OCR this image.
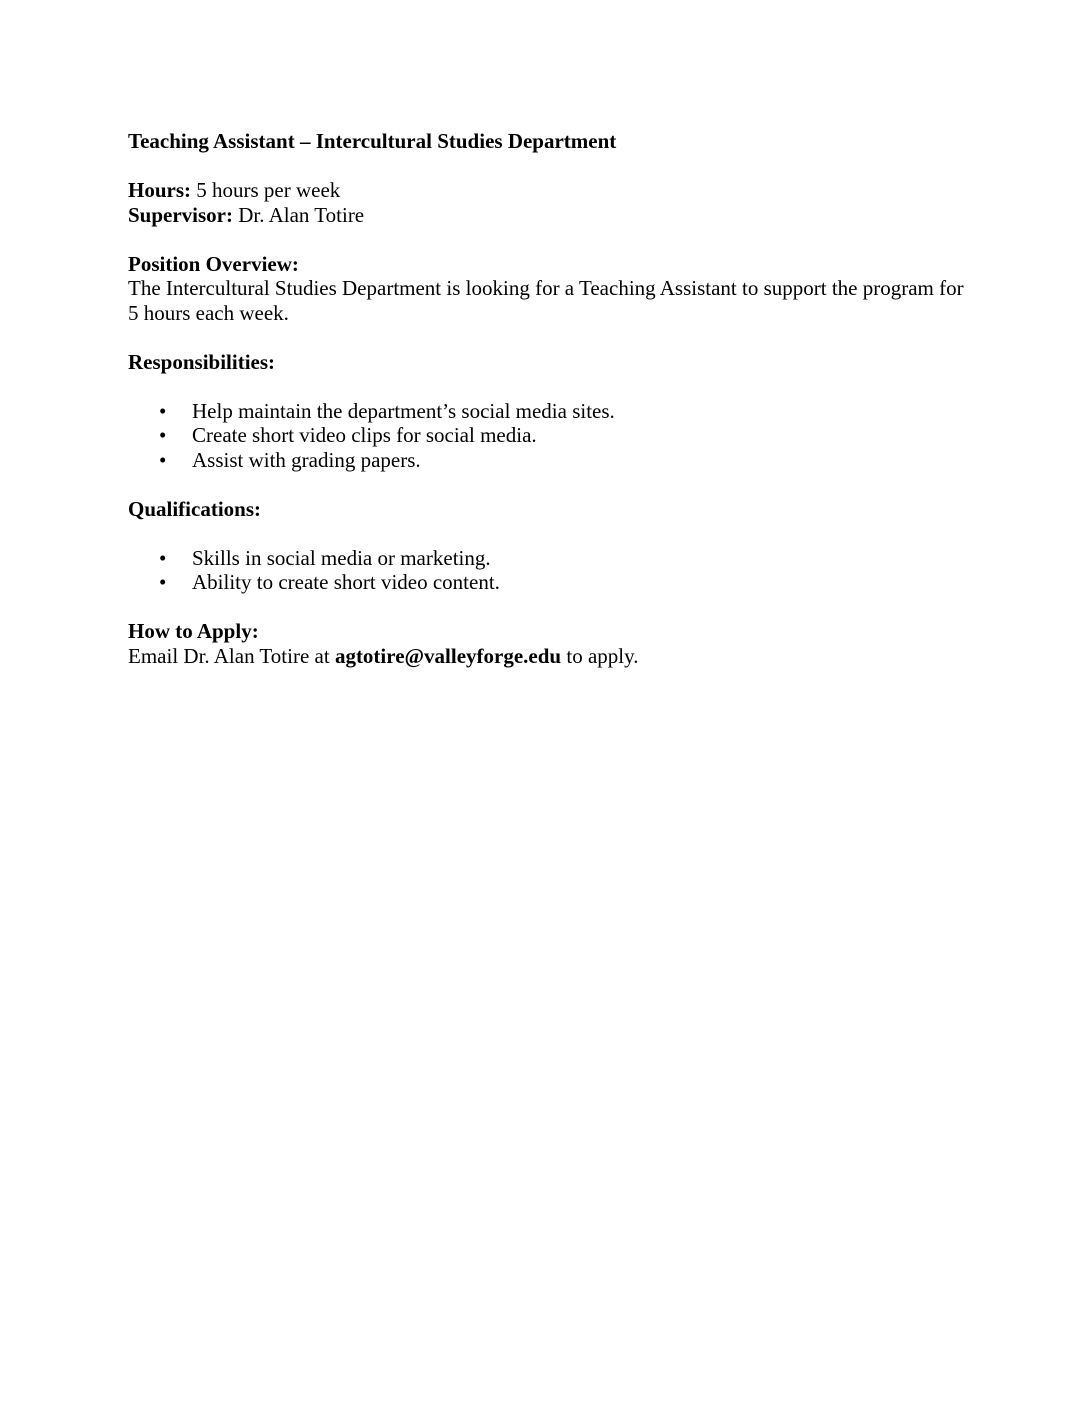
Teaching Assistant – Intercultural Studies Department

Hours: 5 hours per week

Supervisor: Dr. Alan Totire

Position Overview:

The Intercultural Studies Department is looking for a Teaching Assistant to support the program for 5 hours each week.

Responsibilities:

• Help maintain the department’s social media sites.
• Create short video clips for social media.
• Assist with grading papers.

Qualifications:

• Skills in social media or marketing.
• Ability to create short video content.

How to Apply:

Email Dr. Alan Totire at agtotire@valleyforge.edu to apply.
